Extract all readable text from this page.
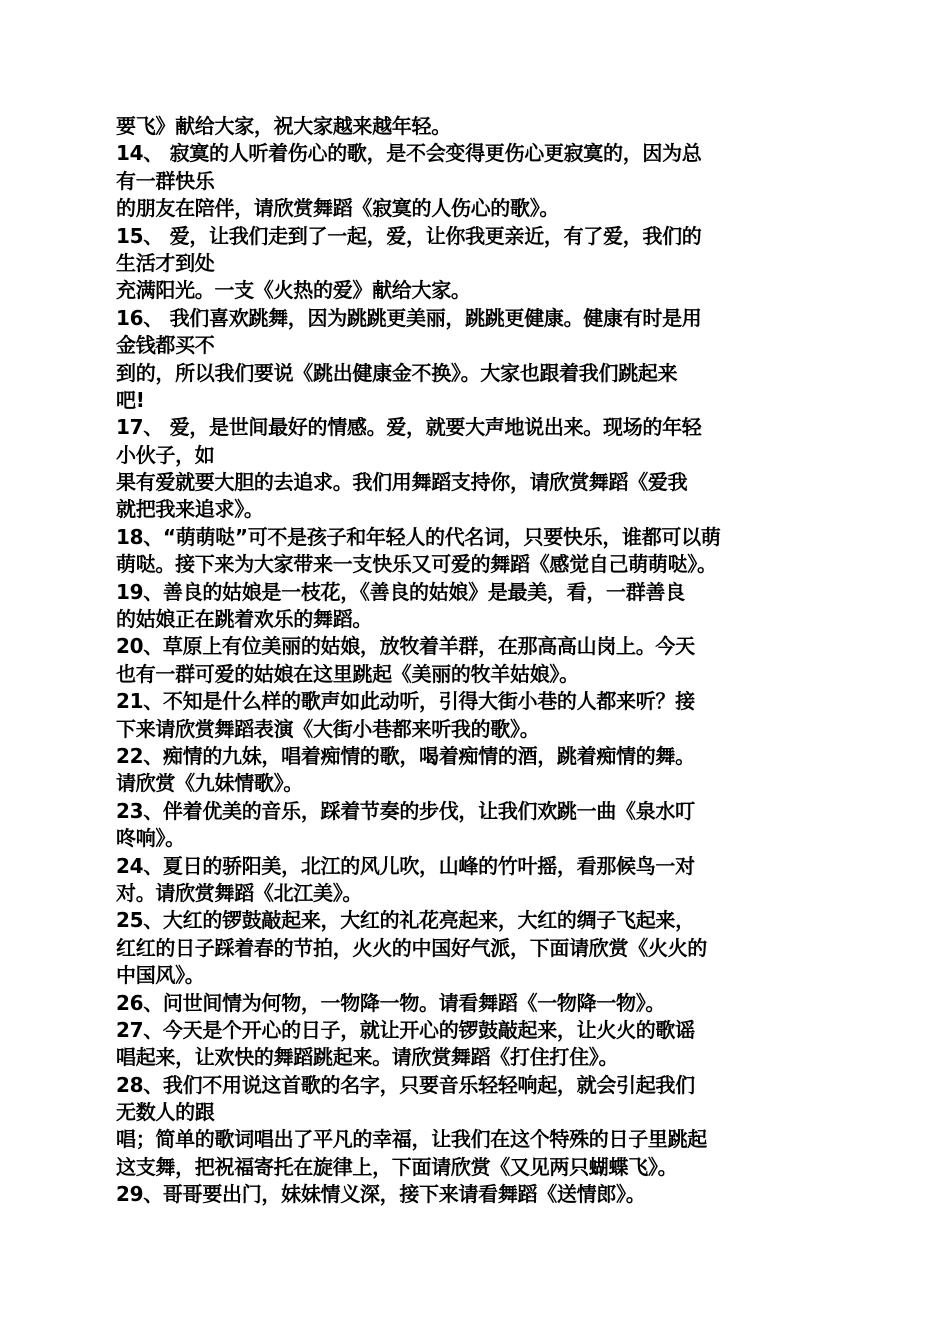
要飞》献给大家，祝大家越来越年轻。
14、 寂寞的人听着伤心的歌，是不会变得更伤心更寂寞的，因为总
有一群快乐
的朋友在陪伴，请欣赏舞蹈《寂寞的人伤心的歌》。
15、 爱，让我们走到了一起，爱，让你我更亲近，有了爱，我们的
生活才到处
充满阳光。一支《火热的爱》献给大家。
16、 我们喜欢跳舞，因为跳跳更美丽，跳跳更健康。健康有时是用
金钱都买不
到的，所以我们要说《跳出健康金不换》。大家也跟着我们跳起来
吧!
17、 爱，是世间最好的情感。爱，就要大声地说出来。现场的年轻
小伙子，如
果有爱就要大胆的去追求。我们用舞蹈支持你，请欣赏舞蹈《爱我
就把我来追求》。
18、“萌萌哒”可不是孩子和年轻人的代名词，只要快乐，谁都可以萌
萌哒。接下来为大家带来一支快乐又可爱的舞蹈《感觉自己萌萌哒》。
19、善良的姑娘是一枝花，《善良的姑娘》是最美，看，一群善良
的姑娘正在跳着欢乐的舞蹈。
20、草原上有位美丽的姑娘，放牧着羊群，在那高高山岗上。今天
也有一群可爱的姑娘在这里跳起《美丽的牧羊姑娘》。
21、不知是什么样的歌声如此动听，引得大街小巷的人都来听？接
下来请欣赏舞蹈表演《大街小巷都来听我的歌》。
22、痴情的九妹，唱着痴情的歌，喝着痴情的酒，跳着痴情的舞。
请欣赏《九妹情歌》。
23、伴着优美的音乐，踩着节奏的步伐，让我们欢跳一曲《泉水叮
咚响》。
24、夏日的骄阳美，北江的风儿吹，山峰的竹叶摇，看那候鸟一对
对。请欣赏舞蹈《北江美》。
25、大红的锣鼓敲起来，大红的礼花亮起来，大红的绸子飞起来，
红红的日子踩着春的节拍，火火的中国好气派，下面请欣赏《火火的
中国风》。
26、问世间情为何物，一物降一物。请看舞蹈《一物降一物》。
27、今天是个开心的日子，就让开心的锣鼓敲起来，让火火的歌谣
唱起来，让欢快的舞蹈跳起来。请欣赏舞蹈《打住打住》。
28、我们不用说这首歌的名字，只要音乐轻轻响起，就会引起我们
无数人的跟
唱；简单的歌词唱出了平凡的幸福，让我们在这个特殊的日子里跳起
这支舞，把祝福寄托在旋律上，下面请欣赏《又见两只蝴蝶飞》。
29、哥哥要出门，妹妹情义深，接下来请看舞蹈《送情郎》。
